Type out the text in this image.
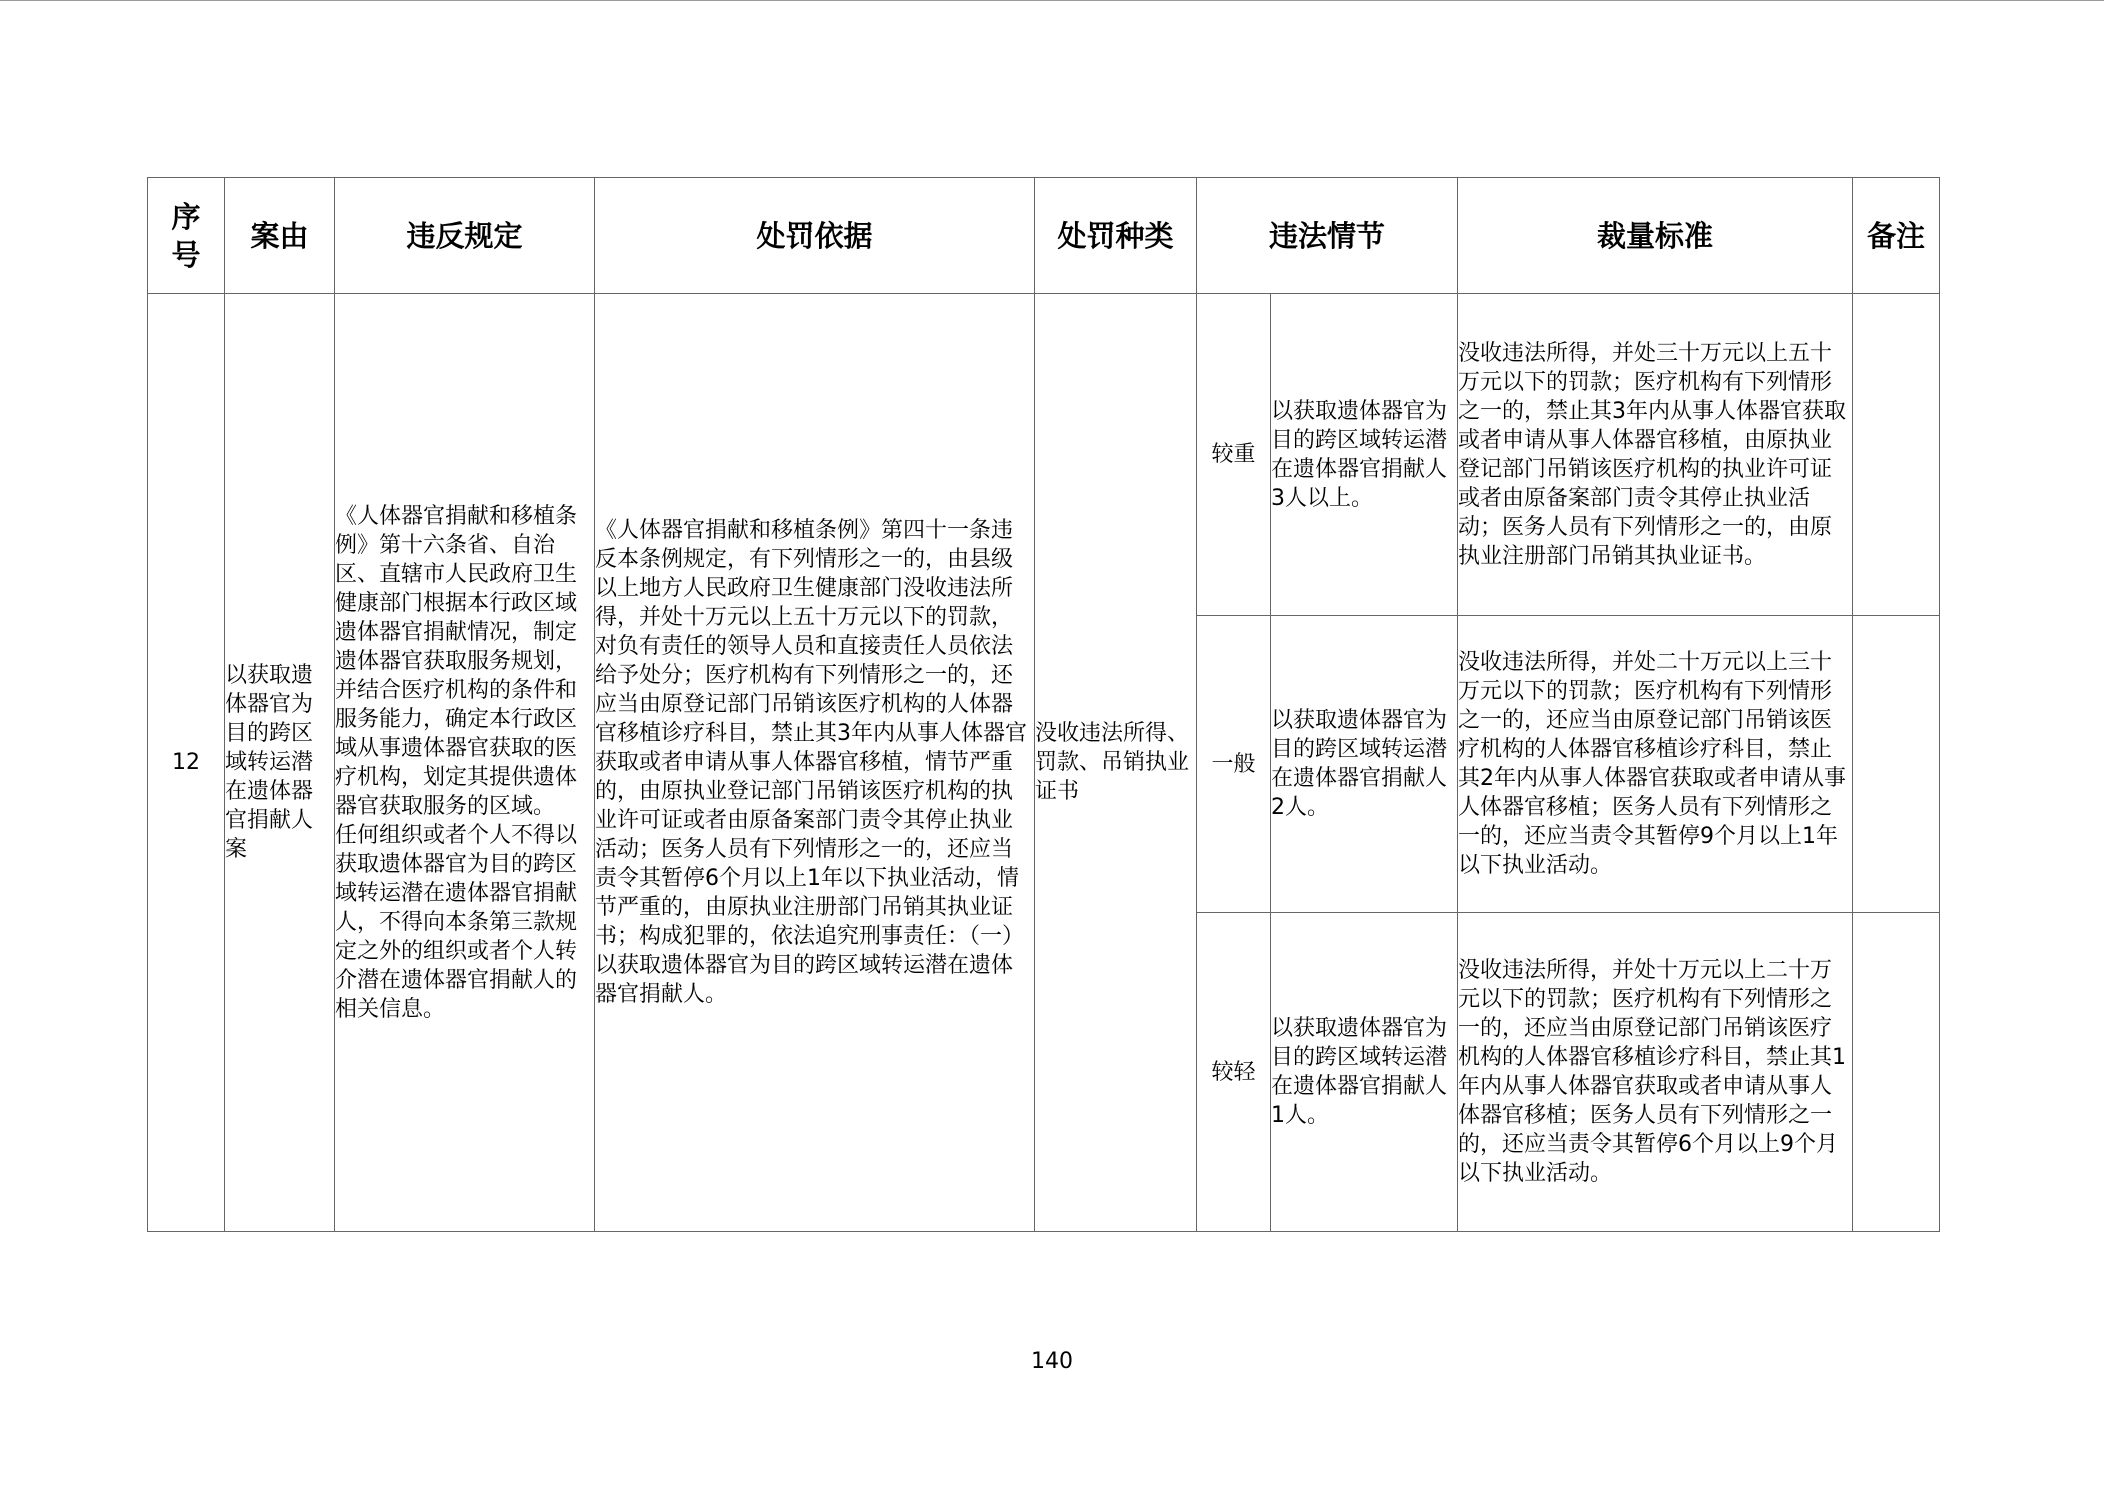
序
号	案由	违反规定	处罚依据	处罚种类	违法情节		裁量标准	备注
12	以获取遗体器官为目的跨区域转运潜在遗体器官捐献人案	《人体器官捐献和移植条例》第十六条省、自治区、直辖市人民政府卫生健康部门根据本行政区域遗体器官捐献情况，制定遗体器官获取服务规划，并结合医疗机构的条件和服务能力，确定本行政区域从事遗体器官获取的医疗机构，划定其提供遗体器官获取服务的区域。
任何组织或者个人不得以获取遗体器官为目的跨区域转运潜在遗体器官捐献人，不得向本条第三款规定之外的组织或者个人转介潜在遗体器官捐献人的相关信息。	《人体器官捐献和移植条例》第四十一条违反本条例规定，有下列情形之一的，由县级以上地方人民政府卫生健康部门没收违法所得，并处十万元以上五十万元以下的罚款，对负有责任的领导人员和直接责任人员依法给予处分；医疗机构有下列情形之一的，还应当由原登记部门吊销该医疗机构的人体器官移植诊疗科目，禁止其3年内从事人体器官获取或者申请从事人体器官移植，情节严重的，由原执业登记部门吊销该医疗机构的执业许可证或者由原备案部门责令其停止执业活动；医务人员有下列情形之一的，还应当责令其暂停6个月以上1年以下执业活动，情节严重的，由原执业注册部门吊销其执业证书；构成犯罪的，依法追究刑事责任：（一）以获取遗体器官为目的跨区域转运潜在遗体器官捐献人。	没收违法所得、罚款、吊销执业证书	较重	以获取遗体器官为目的跨区域转运潜在遗体器官捐献人3人以上。	没收违法所得，并处三十万元以上五十万元以下的罚款；医疗机构有下列情形之一的，禁止其3年内从事人体器官获取或者申请从事人体器官移植，由原执业登记部门吊销该医疗机构的执业许可证或者由原备案部门责令其停止执业活动；医务人员有下列情形之一的，由原执业注册部门吊销其执业证书。	
					一般	以获取遗体器官为目的跨区域转运潜在遗体器官捐献人2人。	没收违法所得，并处二十万元以上三十万元以下的罚款；医疗机构有下列情形之一的，还应当由原登记部门吊销该医疗机构的人体器官移植诊疗科目，禁止其2年内从事人体器官获取或者申请从事人体器官移植；医务人员有下列情形之一的，还应当责令其暂停9个月以上1年以下执业活动。	
					较轻	以获取遗体器官为目的跨区域转运潜在遗体器官捐献人1人。	没收违法所得，并处十万元以上二十万元以下的罚款；医疗机构有下列情形之一的，还应当由原登记部门吊销该医疗机构的人体器官移植诊疗科目，禁止其1年内从事人体器官获取或者申请从事人体器官移植；医务人员有下列情形之一的，还应当责令其暂停6个月以上9个月以下执业活动。	
140
